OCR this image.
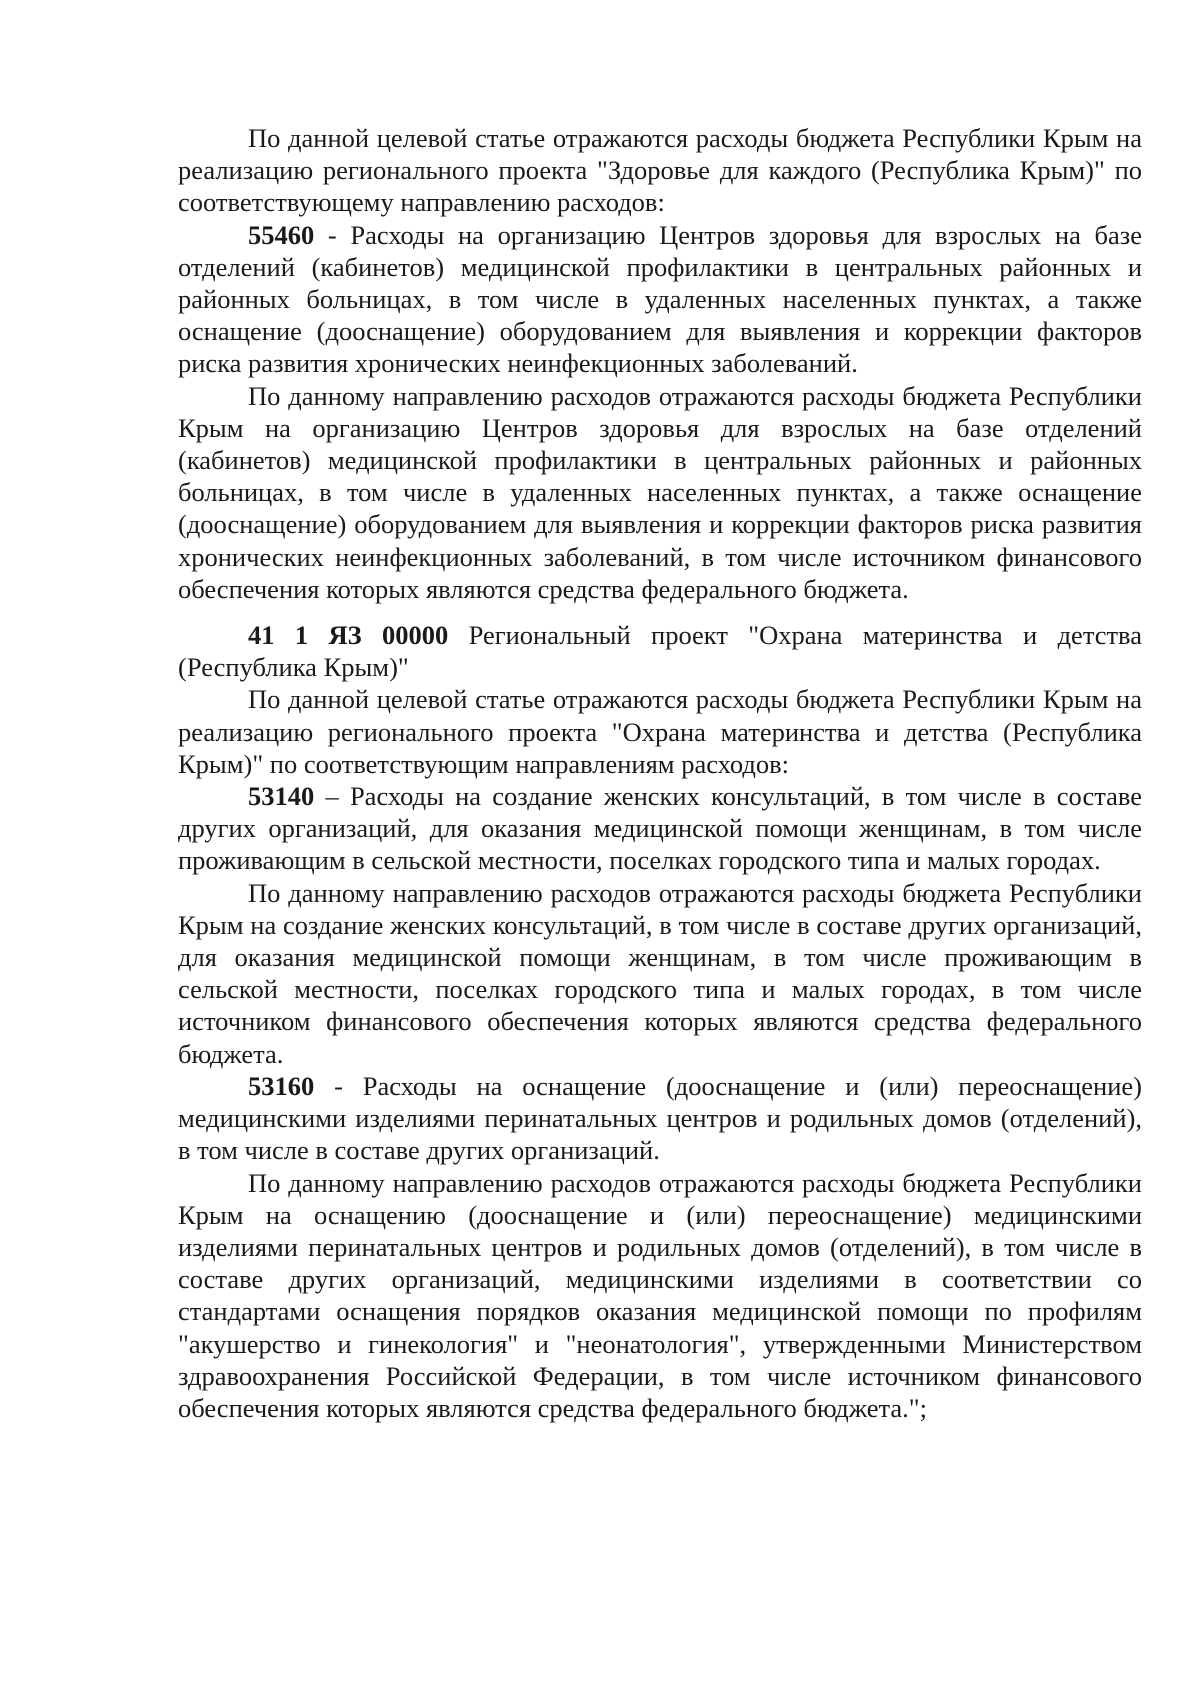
По данной целевой статье отражаются расходы бюджета Республики Крым на реализацию регионального проекта "Здоровье для каждого (Республика Крым)" по соответствующему направлению расходов:

55460 - Расходы на организацию Центров здоровья для взрослых на базе отделений (кабинетов) медицинской профилактики в центральных районных и районных больницах, в том числе в удаленных населенных пунктах, а также оснащение (дооснащение) оборудованием для выявления и коррекции факторов риска развития хронических неинфекционных заболеваний.

По данному направлению расходов отражаются расходы бюджета Республики Крым на организацию Центров здоровья для взрослых на базе отделений (кабинетов) медицинской профилактики в центральных районных и районных больницах, в том числе в удаленных населенных пунктах, а также оснащение (дооснащение) оборудованием для выявления и коррекции факторов риска развития хронических неинфекционных заболеваний, в том числе источником финансового обеспечения которых являются средства федерального бюджета.

41 1 ЯЗ 00000 Региональный проект "Охрана материнства и детства (Республика Крым)"

По данной целевой статье отражаются расходы бюджета Республики Крым на реализацию регионального проекта "Охрана материнства и детства (Республика Крым)" по соответствующим направлениям расходов:

53140 – Расходы на создание женских консультаций, в том числе в составе других организаций, для оказания медицинской помощи женщинам, в том числе проживающим в сельской местности, поселках городского типа и малых городах.

По данному направлению расходов отражаются расходы бюджета Республики Крым на создание женских консультаций, в том числе в составе других организаций, для оказания медицинской помощи женщинам, в том числе проживающим в сельской местности, поселках городского типа и малых городах, в том числе источником финансового обеспечения которых являются средства федерального бюджета.

53160 - Расходы на оснащение (дооснащение и (или) переоснащение) медицинскими изделиями перинатальных центров и родильных домов (отделений), в том числе в составе других организаций.

По данному направлению расходов отражаются расходы бюджета Республики Крым на оснащению (дооснащение и (или) переоснащение) медицинскими изделиями перинатальных центров и родильных домов (отделений), в том числе в составе других организаций, медицинскими изделиями в соответствии со стандартами оснащения порядков оказания медицинской помощи по профилям "акушерство и гинекология" и "неонатология", утвержденными Министерством здравоохранения Российской Федерации, в том числе источником финансового обеспечения которых являются средства федерального бюджета.";
